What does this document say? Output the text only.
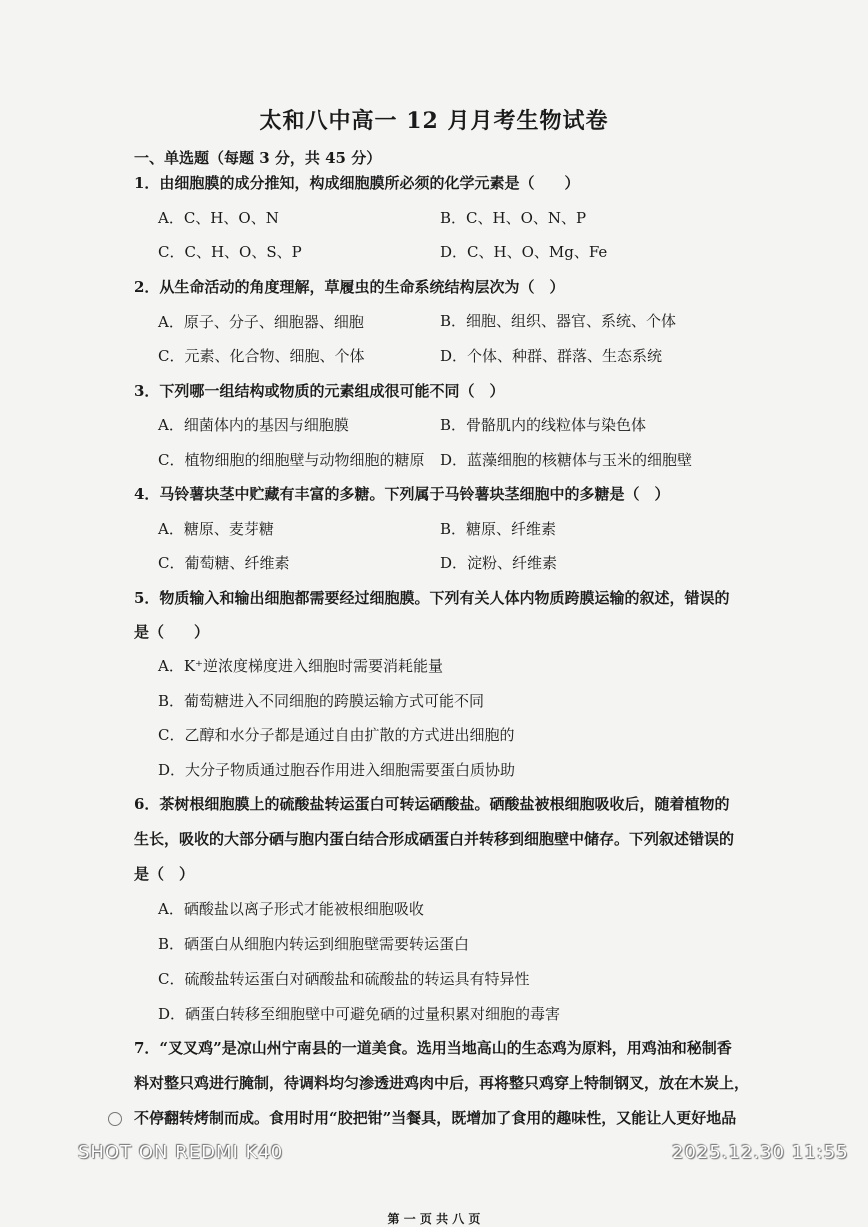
太和八中高一 12 月月考生物试卷
一、单选题（每题 3 分，共 45 分）
1．由细胞膜的成分推知，构成细胞膜所必须的化学元素是（　　）
A．C、H、O、N	B．C、H、O、N、P
C．C、H、O、S、P	D．C、H、O、Mg、Fe
2．从生命活动的角度理解，草履虫的生命系统结构层次为（　）
A．原子、分子、细胞器、细胞	B．细胞、组织、器官、系统、个体
C．元素、化合物、细胞、个体	D．个体、种群、群落、生态系统
3．下列哪一组结构或物质的元素组成很可能不同（　）
A．细菌体内的基因与细胞膜	B．骨骼肌内的线粒体与染色体
C．植物细胞的细胞壁与动物细胞的糖原 D．蓝藻细胞的核糖体与玉米的细胞壁
4．马铃薯块茎中贮藏有丰富的多糖。下列属于马铃薯块茎细胞中的多糖是（　）
A．糖原、麦芽糖	B．糖原、纤维素
C．葡萄糖、纤维素	D．淀粉、纤维素
5．物质输入和输出细胞都需要经过细胞膜。下列有关人体内物质跨膜运输的叙述，错误的
是（　　）
A．K⁺逆浓度梯度进入细胞时需要消耗能量
B．葡萄糖进入不同细胞的跨膜运输方式可能不同
C．乙醇和水分子都是通过自由扩散的方式进出细胞的
D．大分子物质通过胞吞作用进入细胞需要蛋白质协助
6．茶树根细胞膜上的硫酸盐转运蛋白可转运硒酸盐。硒酸盐被根细胞吸收后，随着植物的
生长，吸收的大部分硒与胞内蛋白结合形成硒蛋白并转移到细胞壁中储存。下列叙述错误的
是（　）
A．硒酸盐以离子形式才能被根细胞吸收
B．硒蛋白从细胞内转运到细胞壁需要转运蛋白
C．硫酸盐转运蛋白对硒酸盐和硫酸盐的转运具有特异性
D．硒蛋白转移至细胞壁中可避免硒的过量积累对细胞的毒害
7．“叉叉鸡”是凉山州宁南县的一道美食。选用当地高山的生态鸡为原料，用鸡油和秘制香
料对整只鸡进行腌制，待调料均匀渗透进鸡肉中后，再将整只鸡穿上特制钢叉，放在木炭上，
不停翻转烤制而成。食用时用“胶把钳”当餐具，既增加了食用的趣味性，又能让人更好地品
SHOT ON REDMI K40	2025.12.30 11:55
第 一 页 共 八 页
